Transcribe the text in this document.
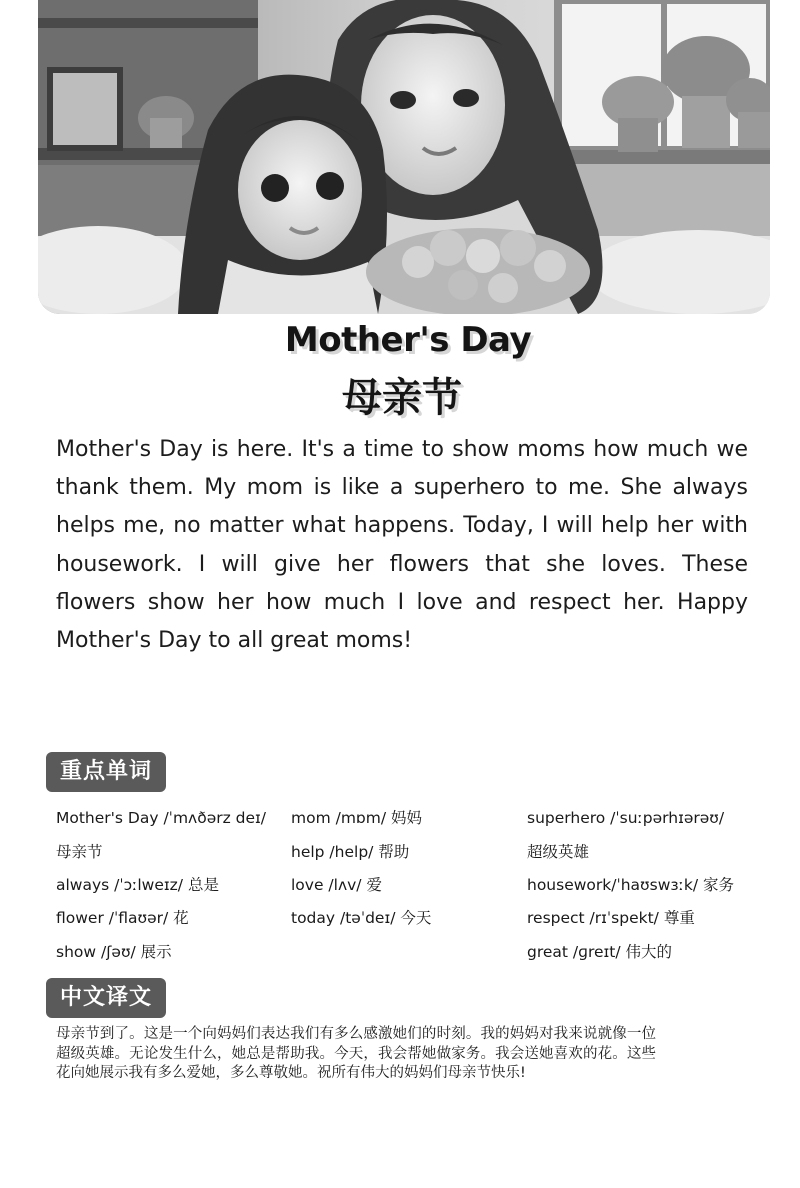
Mother's Day
母亲节

Mother's Day is here. It's a time to show moms how much we thank them. My mom is like a superhero to me. She always helps me, no matter what happens. Today, I will help her with housework. I will give her flowers that she loves. These flowers show her how much I love and respect her. Happy Mother's Day to all great moms!

重点单词
Mother's Day /ˈmʌðərz deɪ/
母亲节
always /ˈɔːlweɪz/ 总是
flower /ˈflaʊər/ 花
show /ʃəʊ/ 展示
mom /mɒm/ 妈妈
help /help/ 帮助
love /lʌv/ 爱
today /təˈdeɪ/ 今天
superhero /ˈsuːpərhɪərəʊ/
超级英雄
housework/ˈhaʊswɜːk/ 家务
respect /rɪˈspekt/ 尊重
great /ɡreɪt/ 伟大的
中文译文

母亲节到了。这是一个向妈妈们表达我们有多么感激她们的时刻。我的妈妈对我来说就像一位超级英雄。无论发生什么，她总是帮助我。今天，我会帮她做家务。我会送她喜欢的花。这些花向她展示我有多么爱她，多么尊敬她。祝所有伟大的妈妈们母亲节快乐!
